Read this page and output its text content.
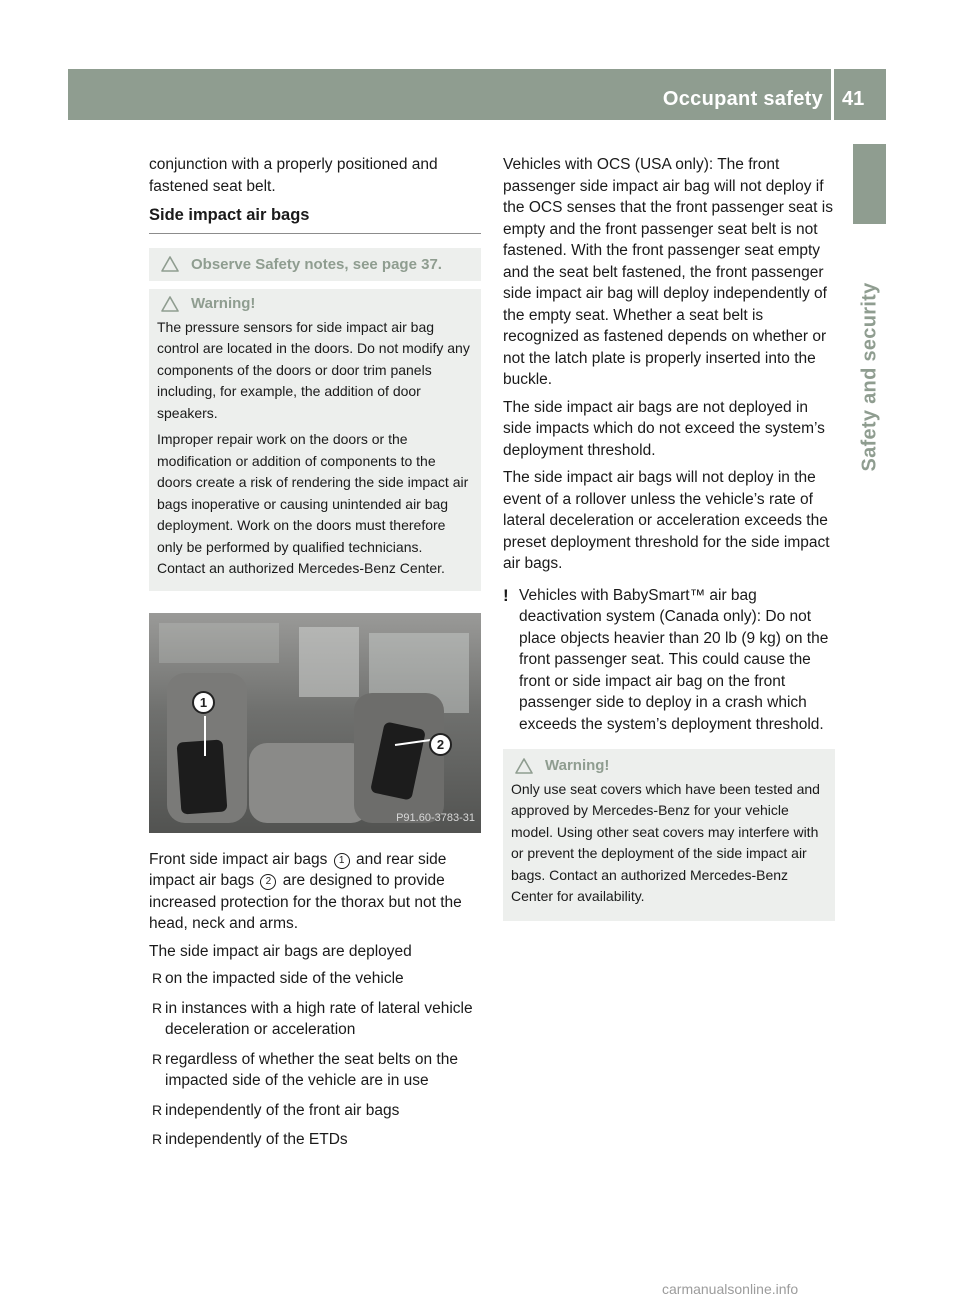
Occupant safety 41
Safety and security

conjunction with a properly positioned and fastened seat belt.

Side impact air bags
Observe Safety notes, see page 37.
Warning!

The pressure sensors for side impact air bag control are located in the doors. Do not modify any components of the doors or door trim panels including, for example, the addition of door speakers.

Improper repair work on the doors or the modification or addition of components to the doors create a risk of rendering the side impact air bags inoperative or causing unintended air bag deployment. Work on the doors must therefore only be performed by qualified technicians. Contact an authorized Mercedes-Benz Center.

1
2
P91.60-3783-31

Front side impact air bags 1 and rear side impact air bags 2 are designed to provide increased protection for the thorax but not the head, neck and arms.

The side impact air bags are deployed

R on the impacted side of the vehicle
R in instances with a high rate of lateral vehicle deceleration or acceleration
R regardless of whether the seat belts on the impacted side of the vehicle are in use
R independently of the front air bags
R independently of the ETDs

Vehicles with OCS (USA only): The front passenger side impact air bag will not deploy if the OCS senses that the front passenger seat is empty and the front passenger seat belt is not fastened. With the front passenger seat empty and the seat belt fastened, the front passenger side impact air bag will deploy independently of the empty seat. Whether a seat belt is recognized as fastened depends on whether or not the latch plate is properly inserted into the buckle.

The side impact air bags are not deployed in side impacts which do not exceed the system’s deployment threshold.

The side impact air bags will not deploy in the event of a rollover unless the vehicle’s rate of lateral deceleration or acceleration exceeds the preset deployment threshold for the side impact air bags.

! Vehicles with BabySmart™ air bag deactivation system (Canada only): Do not place objects heavier than 20 lb (9 kg) on the front passenger seat. This could cause the front or side impact air bag on the front passenger side to deploy in a crash which exceeds the system’s deployment threshold.
Warning!

Only use seat covers which have been tested and approved by Mercedes-Benz for your vehicle model. Using other seat covers may interfere with or prevent the deployment of the side impact air bags. Contact an authorized Mercedes-Benz Center for availability.

carmanualsonline.info
